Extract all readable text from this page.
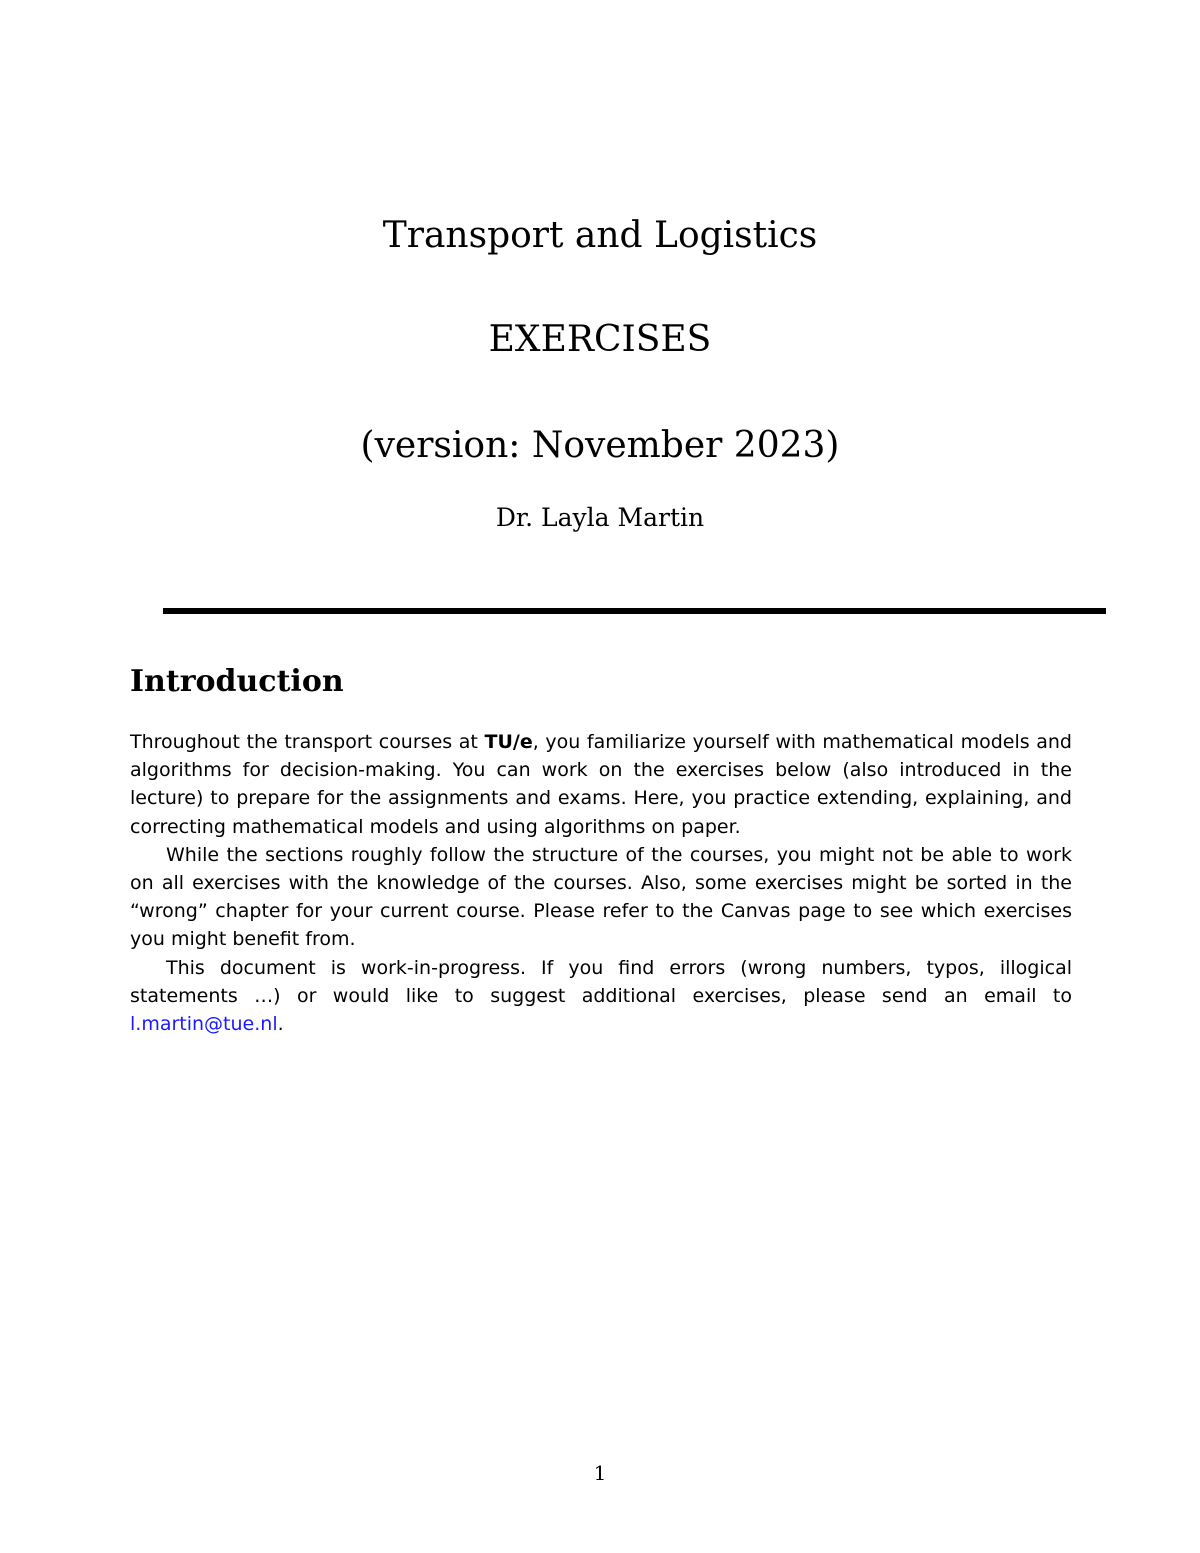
Transport and Logistics
EXERCISES
(version: November 2023)
Dr. Layla Martin
Introduction

Throughout the transport courses at TU/e, you familiarize yourself with mathematical models and algorithms for decision-making. You can work on the exercises below (also introduced in the lecture) to prepare for the assignments and exams. Here, you practice extending, explaining, and correcting mathematical models and using algorithms on paper.

While the sections roughly follow the structure of the courses, you might not be able to work on all exercises with the knowledge of the courses. Also, some exercises might be sorted in the “wrong” chapter for your current course. Please refer to the Canvas page to see which exercises you might benefit from.

This document is work-in-progress. If you find errors (wrong numbers, typos, illogical statements …) or would like to suggest additional exercises, please send an email to l.martin@tue.nl.

1
